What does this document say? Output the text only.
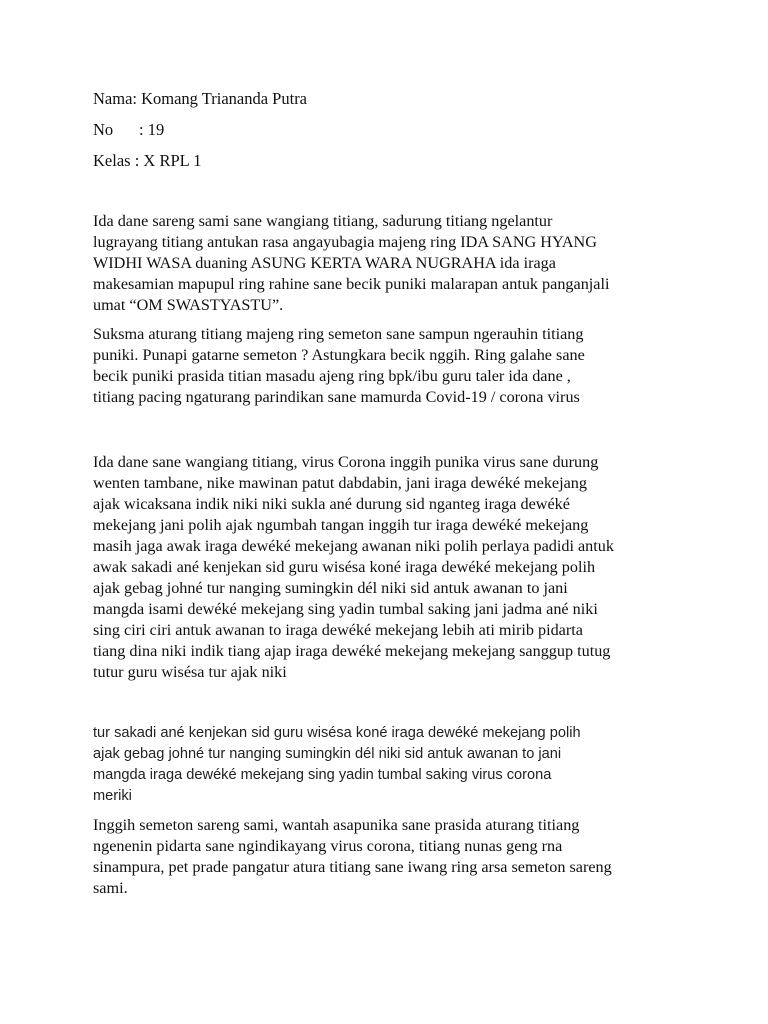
Nama: Komang Triananda Putra
No : 19
Kelas : X RPL 1
Ida dane sareng sami sane wangiang titiang, sadurung titiang ngelantur
lugrayang titiang antukan rasa angayubagia majeng ring IDA SANG HYANG
WIDHI WASA duaning ASUNG KERTA WARA NUGRAHA ida iraga
makesamian mapupul ring rahine sane becik puniki malarapan antuk panganjali
umat “OM SWASTYASTU”.
Suksma aturang titiang majeng ring semeton sane sampun ngerauhin titiang
puniki. Punapi gatarne semeton ? Astungkara becik nggih. Ring galahe sane
becik puniki prasida titian masadu ajeng ring bpk/ibu guru taler ida dane ,
titiang pacing ngaturang parindikan sane mamurda Covid-19 / corona virus
Ida dane sane wangiang titiang, virus Corona inggih punika virus sane durung
wenten tambane, nike mawinan patut dabdabin, jani iraga dewéké mekejang
ajak wicaksana indik niki niki sukla ané durung sid nganteg iraga dewéké
mekejang jani polih ajak ngumbah tangan inggih tur iraga dewéké mekejang
masih jaga awak iraga dewéké mekejang awanan niki polih perlaya padidi antuk
awak sakadi ané kenjekan sid guru wisésa koné iraga dewéké mekejang polih
ajak gebag johné tur nanging sumingkin dél niki sid antuk awanan to jani
mangda isami dewéké mekejang sing yadin tumbal saking jani jadma ané niki
sing ciri ciri antuk awanan to iraga dewéké mekejang lebih ati mirib pidarta
tiang dina niki indik tiang ajap iraga dewéké mekejang mekejang sanggup tutug
tutur guru wisésa tur ajak niki
tur sakadi ané kenjekan sid guru wisésa koné iraga dewéké mekejang polih
ajak gebag johné tur nanging sumingkin dél niki sid antuk awanan to jani
mangda iraga dewéké mekejang sing yadin tumbal saking virus corona
meriki
Inggih semeton sareng sami, wantah asapunika sane prasida aturang titiang
ngenenin pidarta sane ngindikayang virus corona, titiang nunas geng rna
sinampura, pet prade pangatur atura titiang sane iwang ring arsa semeton sareng
sami.
